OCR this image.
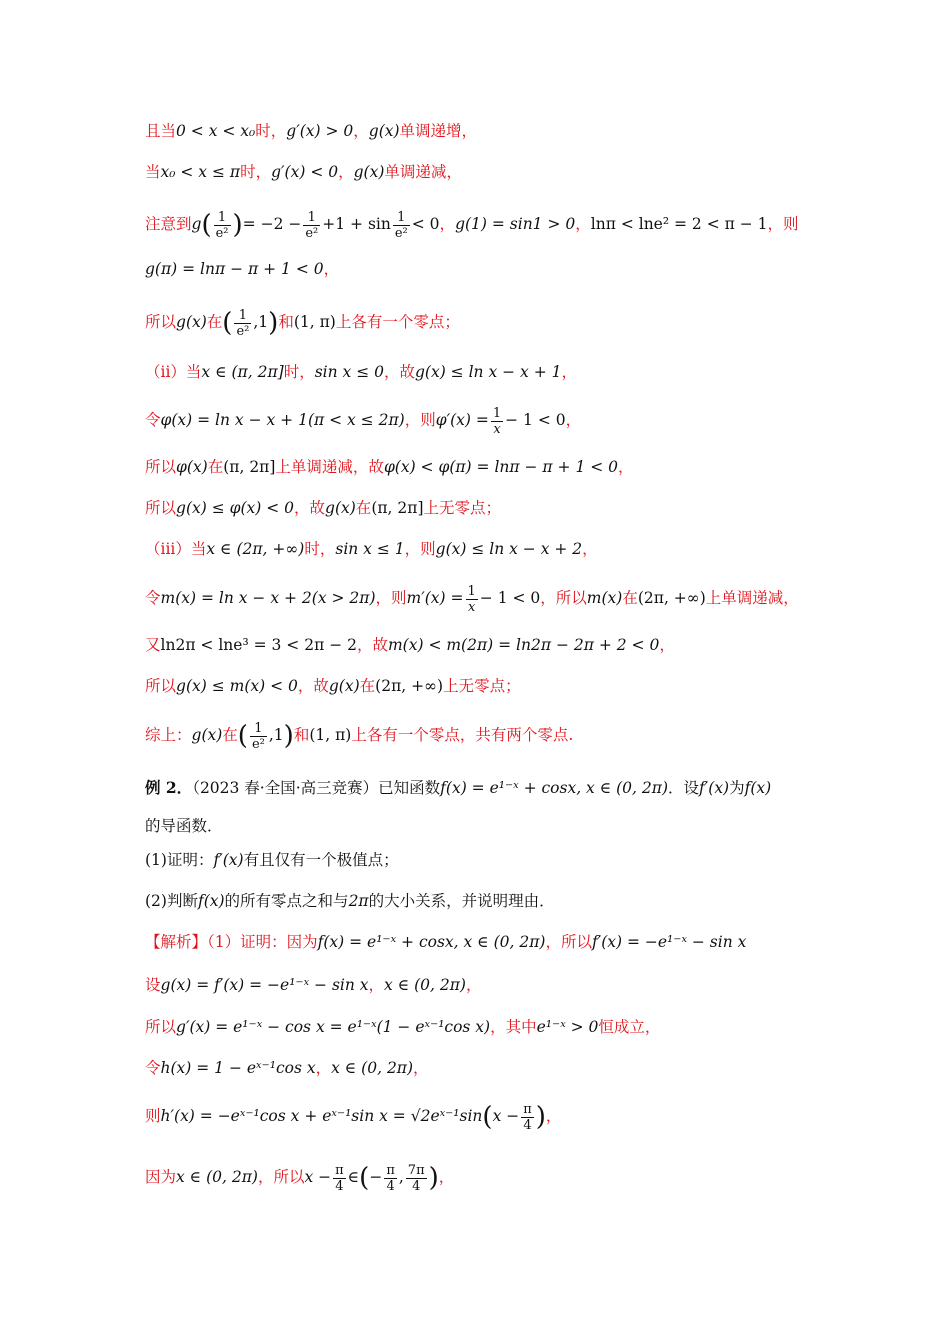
且当0 < x < x₀时，g′(x) > 0，g(x)单调递增，
当x₀ < x ≤ π时，g′(x) < 0，g(x)单调递减，
注意到$g( \frac{1}{\text{e²}}$ )= $-2 - \frac{1}{\text{e²}} +1 + \sin \frac{1}{\text{e²}} < 0$，g(1) = sin1 > 0，lnπ < lne² = 2 < π − 1，则
g(π) = lnπ − π + 1 < 0，
所以g(x)在( $\frac{1}{\text{e²}} ,1$)和(1, π)上各有一个零点；
（ii）当x ∈ (π, 2π]时，sin x ≤ 0，故g(x) ≤ ln x − x + 1，
令φ(x) = ln x − x + 1(π < x ≤ 2π)，则$\varphi'(x) = \frac{1}{x} - 1 < 0$，
所以φ(x)在(π, 2π]上单调递减，故φ(x) < φ(π) = lnπ − π + 1 < 0，
所以g(x) ≤ φ(x) < 0，故g(x)在(π, 2π]上无零点；
（iii）当x ∈ (2π, +∞)时，sin x ≤ 1，则g(x) ≤ ln x − x + 2，
令m(x) = ln x − x + 2(x > 2π)，则$m'(x) = \frac{1}{x} - 1 < 0$，所以m(x)在(2π, +∞)上单调递减，
又ln2π < lne³ = 3 < 2π − 2，故m(x) < m(2π) = ln2π − 2π + 2 < 0，
所以g(x) ≤ m(x) < 0，故g(x)在(2π, +∞)上无零点；
综上：g(x)在( $\frac{1}{\text{e²}} ,1$)和(1, π)上各有一个零点，共有两个零点.
例 2．（2023 春·全国·高三竞赛）已知函数f(x) = e¹⁻ˣ + cosx, x ∈ (0, 2π)．设f′(x)为f(x)
的导函数．
(1)证明：f′(x)有且仅有一个极值点；
(2)判断f(x)的所有零点之和与2π的大小关系，并说明理由．
【解析】（1）证明：因为f(x) = e¹⁻ˣ + cosx, x ∈ (0, 2π)，所以f′(x) = −e¹⁻ˣ − sin x
设g(x) = f′(x) = −e¹⁻ˣ − sin x，x ∈ (0, 2π)，
所以g′(x) = e¹⁻ˣ − cos x = e¹⁻ˣ(1 − eˣ⁻¹cos x)，其中e¹⁻ˣ > 0恒成立，
令h(x) = 1 − eˣ⁻¹cos x，x ∈ (0, 2π)，
则h′(x) = −eˣ⁻¹cos x + eˣ⁻¹sin x = √2eˣ⁻¹sin(x − $\frac{\pi}{4}$ )，
因为x ∈ (0, 2π)，所以$x - \frac{\pi}{4}$ ∈(− $\frac{\pi}{4}$ , $\frac{7\pi}{4}$ )，
